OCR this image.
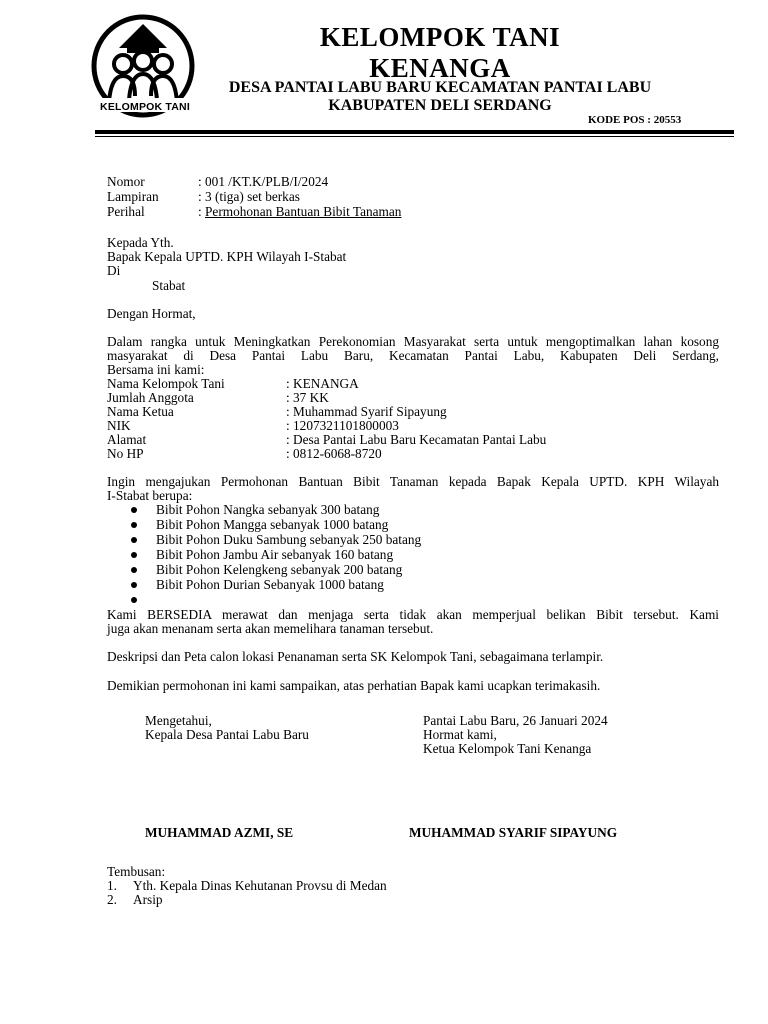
KELOMPOK TANI
KELOMPOK TANI
KENANGA
DESA PANTAI LABU BARU KECAMATAN PANTAI LABU
KABUPATEN DELI SERDANG
KODE POS : 20553
Nomor	: 001 /KT.K/PLB/I/2024
Lampiran	: 3 (tiga) set berkas
Perihal	: Permohonan Bantuan Bibit Tanaman
Kepada Yth.
Bapak Kepala UPTD. KPH Wilayah I-Stabat
Di
Stabat
Dengan Hormat,
Dalam rangka untuk Meningkatkan Perekonomian Masyarakat serta untuk mengoptimalkan lahan kosong masyarakat di Desa Pantai Labu Baru, Kecamatan Pantai Labu, Kabupaten Deli Serdang,
Bersama ini kami:
Nama Kelompok Tani	: KENANGA
Jumlah Anggota	: 37 KK
Nama Ketua	: Muhammad Syarif Sipayung
NIK	: 1207321101800003
Alamat	: Desa Pantai Labu Baru Kecamatan Pantai Labu
No HP	: 0812-6068-8720
Ingin mengajukan Permohonan Bantuan Bibit Tanaman kepada Bapak Kepala UPTD. KPH Wilayah
I-Stabat berupa:
Bibit Pohon Nangka sebanyak 300 batang
Bibit Pohon Mangga sebanyak 1000 batang
Bibit Pohon Duku Sambung sebanyak 250 batang
Bibit Pohon Jambu Air sebanyak 160 batang
Bibit Pohon Kelengkeng sebanyak 200 batang
Bibit Pohon Durian Sebanyak 1000 batang
Kami BERSEDIA merawat dan menjaga serta tidak akan memperjual belikan Bibit tersebut. Kami
juga akan menanam serta akan memelihara tanaman tersebut.
Deskripsi dan Peta calon lokasi Penanaman serta SK Kelompok Tani, sebagaimana terlampir.
Demikian permohonan ini kami sampaikan, atas perhatian Bapak kami ucapkan terimakasih.
Mengetahui,
Kepala Desa Pantai Labu Baru
MUHAMMAD AZMI, SE
Pantai Labu Baru, 26 Januari 2024
Hormat kami,
Ketua Kelompok Tani Kenanga
MUHAMMAD SYARIF SIPAYUNG
Tembusan:
1. Yth. Kepala Dinas Kehutanan Provsu di Medan
2. Arsip
